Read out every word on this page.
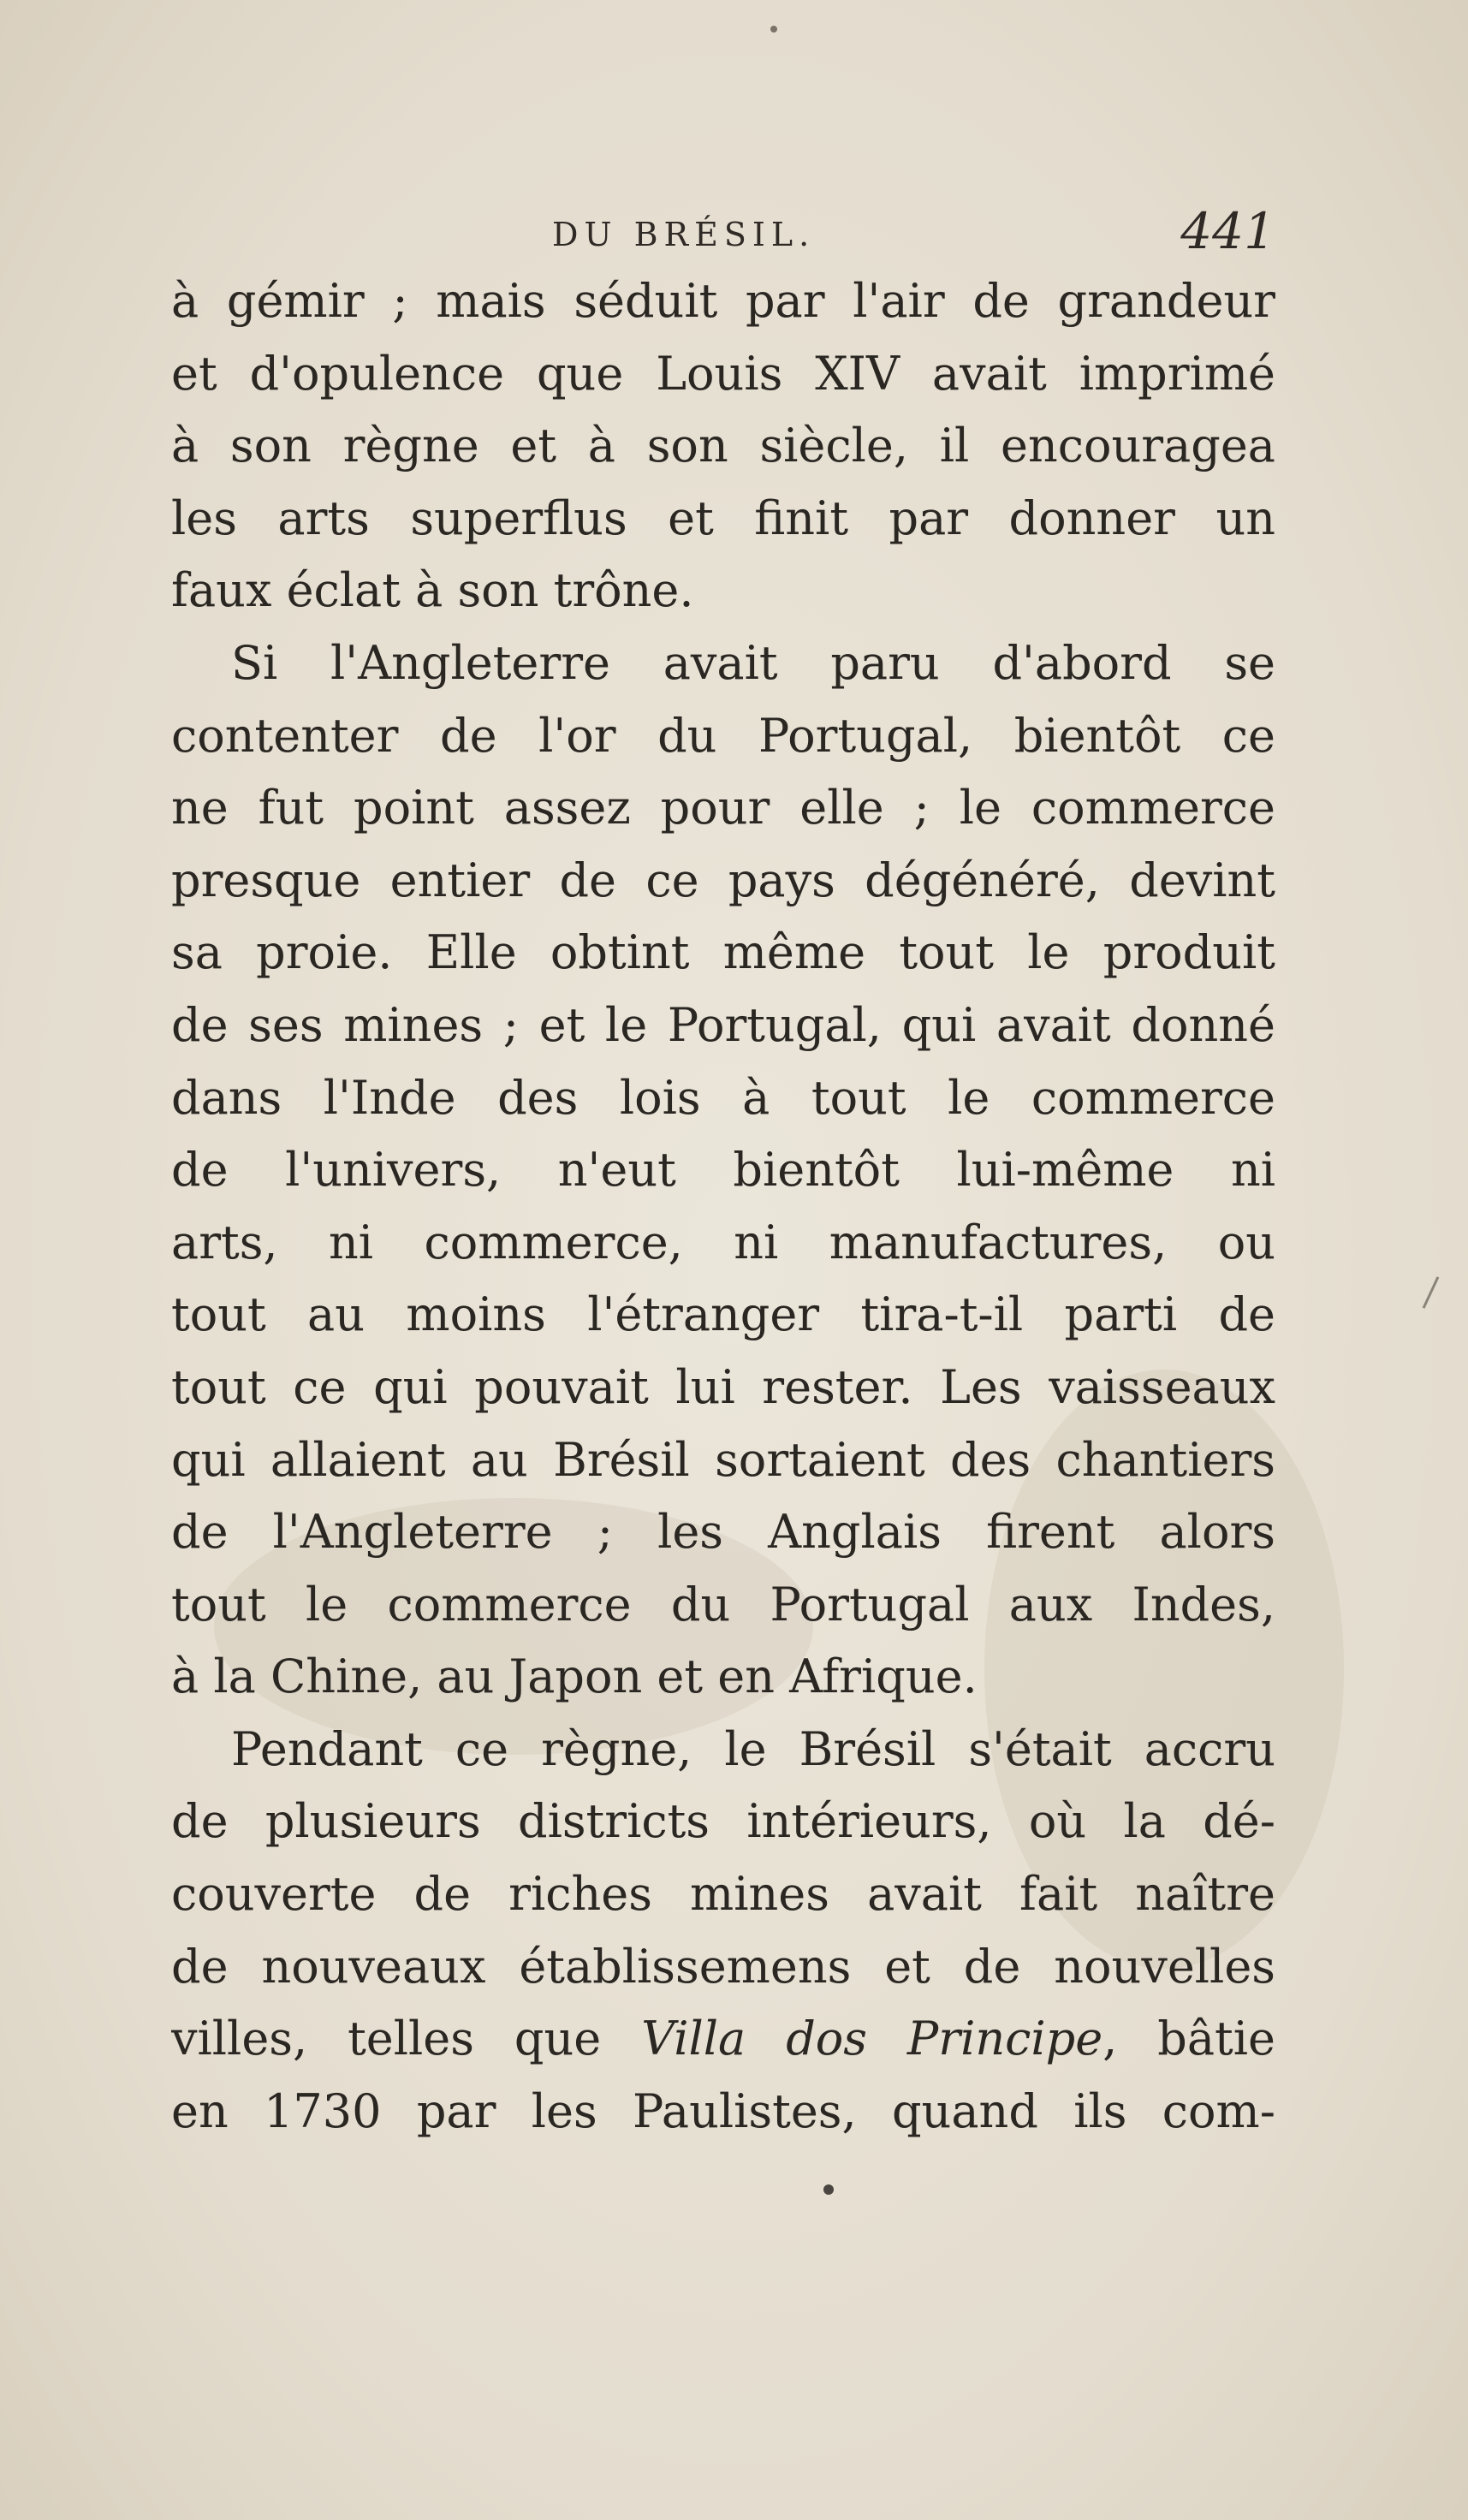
DU BRÉSIL.	441
à gémir ; mais séduit par l'air de grandeur
et d'opulence que Louis XIV avait imprimé
à son règne et à son siècle, il encouragea
les arts superflus et finit par donner un
faux éclat à son trône.
Si l'Angleterre avait paru d'abord se
contenter de l'or du Portugal, bientôt ce
ne fut point assez pour elle ; le commerce
presque entier de ce pays dégénéré, devint
sa proie. Elle obtint même tout le produit
de ses mines ; et le Portugal, qui avait donné
dans l'Inde des lois à tout le commerce
de l'univers, n'eut bientôt lui-même ni
arts, ni commerce, ni manufactures, ou
tout au moins l'étranger tira-t-il parti de
tout ce qui pouvait lui rester. Les vaisseaux
qui allaient au Brésil sortaient des chantiers
de l'Angleterre ; les Anglais firent alors
tout le commerce du Portugal aux Indes,
à la Chine, au Japon et en Afrique.
Pendant ce règne, le Brésil s'était accru
de plusieurs districts intérieurs, où la dé-
couverte de riches mines avait fait naître
de nouveaux établissemens et de nouvelles
villes, telles que Villa dos Principe, bâtie
en 1730 par les Paulistes, quand ils com-
